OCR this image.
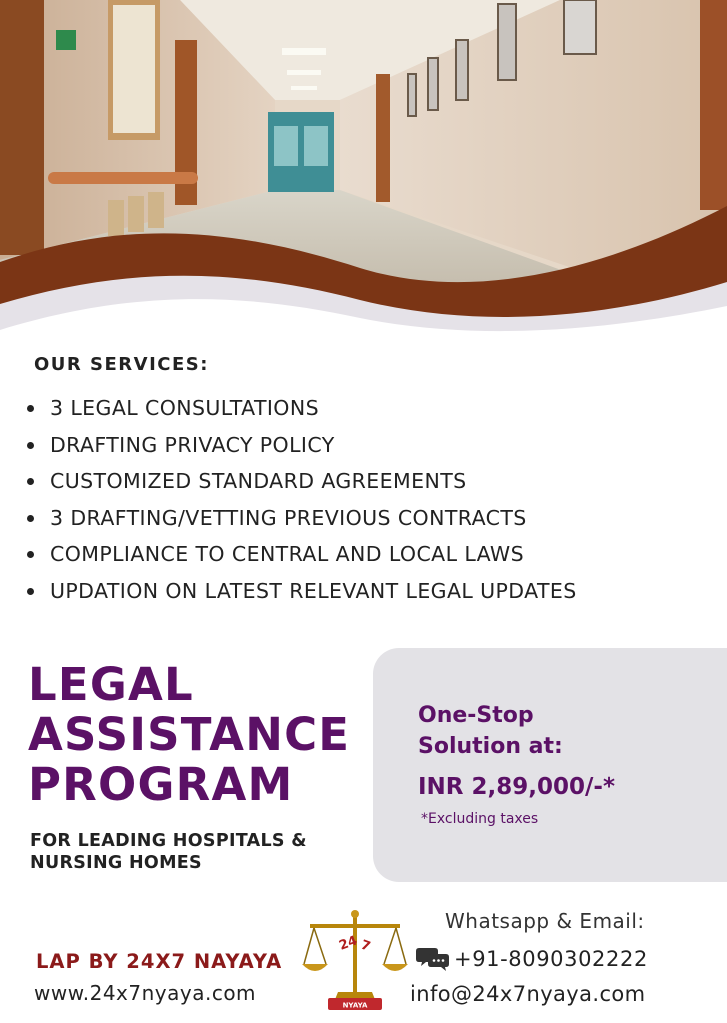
OUR SERVICES:
3 LEGAL CONSULTATIONS
DRAFTING PRIVACY POLICY
CUSTOMIZED STANDARD AGREEMENTS
3 DRAFTING/VETTING PREVIOUS CONTRACTS
COMPLIANCE TO CENTRAL AND LOCAL LAWS
UPDATION ON LATEST RELEVANT LEGAL UPDATES
LEGAL
ASSISTANCE
PROGRAM
FOR LEADING HOSPITALS &
NURSING HOMES
One-Stop
Solution at:
INR 2,89,000/-*
*Excluding taxes
LAP BY 24X7 NAYAYA
www.24x7nyaya.com
24 7
NYAYA
Whatsapp & Email:
+91-8090302222
info@24x7nyaya.com
